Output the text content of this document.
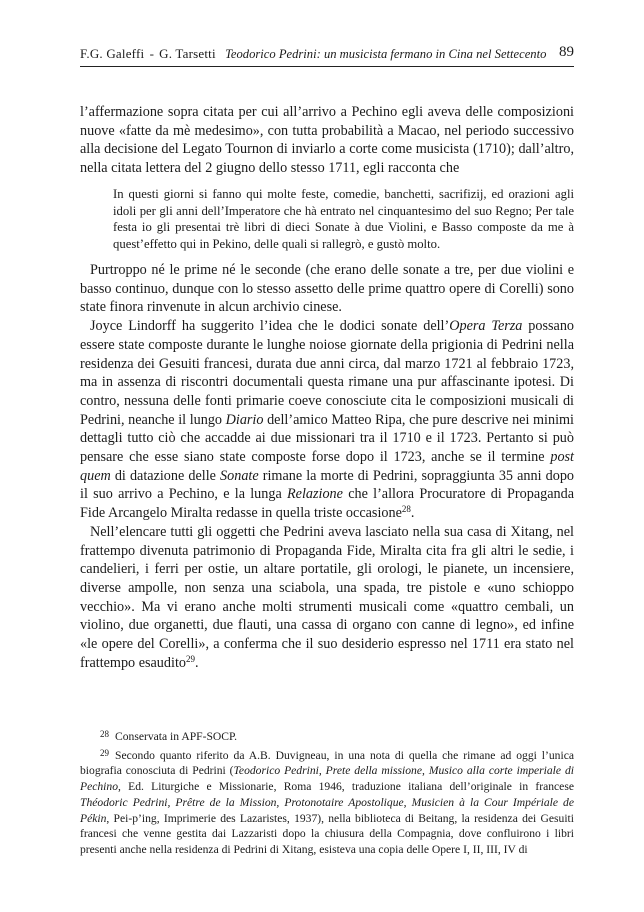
F.G. Galeffi - G. Tarsetti Teodorico Pedrini: un musicista fermano in Cina nel Settecento 89

l’affermazione sopra citata per cui all’arrivo a Pechino egli aveva delle composizioni nuove «fatte da mè medesimo», con tutta probabilità a Macao, nel periodo successivo alla decisione del Legato Tournon di inviarlo a corte come musicista (1710); dall’altro, nella citata lettera del 2 giugno dello stesso 1711, egli racconta che

In questi giorni si fanno qui molte feste, comedie, banchetti, sacrifizij, ed orazioni agli idoli per gli anni dell’Imperatore che hà entrato nel cinquantesimo del suo Regno; Per tale festa io gli presentai trè libri di dieci Sonate à due Violini, e Basso composte da me à quest’effetto qui in Pekino, delle quali si rallegrò, e gustò molto.

Purtroppo né le prime né le seconde (che erano delle sonate a tre, per due violini e basso continuo, dunque con lo stesso assetto delle prime quattro opere di Corelli) sono state finora rinvenute in alcun archivio cinese.

Joyce Lindorff ha suggerito l’idea che le dodici sonate dell’Opera Terza possano essere state composte durante le lunghe noiose giornate della prigionia di Pedrini nella residenza dei Gesuiti francesi, durata due anni circa, dal marzo 1721 al febbraio 1723, ma in assenza di riscontri documentali questa rimane una pur affascinante ipotesi. Di contro, nessuna delle fonti primarie coeve conosciute cita le composizioni musicali di Pedrini, neanche il lungo Diario dell’amico Matteo Ripa, che pure descrive nei minimi dettagli tutto ciò che accadde ai due missionari tra il 1710 e il 1723. Pertanto si può pensare che esse siano state composte forse dopo il 1723, anche se il termine post quem di datazione delle Sonate rimane la morte di Pedrini, sopraggiunta 35 anni dopo il suo arrivo a Pechino, e la lunga Relazione che l’allora Procuratore di Propaganda Fide Arcangelo Miralta redasse in quella triste occasione$^{28}$.

Nell’elencare tutti gli oggetti che Pedrini aveva lasciato nella sua casa di Xitang, nel frattempo divenuta patrimonio di Propaganda Fide, Miralta cita fra gli altri le sedie, i candelieri, i ferri per ostie, un altare portatile, gli orologi, le pianete, un incensiere, diverse ampolle, non senza una sciabola, una spada, tre pistole e «uno schioppo vecchio». Ma vi erano anche molti strumenti musicali come «quattro cembali, un violino, due organetti, due flauti, una cassa di organo con canne di legno», ed infine «le opere del Corelli», a conferma che il suo desiderio espresso nel 1711 era stato nel frattempo esaudito$^{29}$.

28 Conservata in APF-SOCP.

29 Secondo quanto riferito da A.B. Duvigneau, in una nota di quella che rimane ad oggi l’unica biografia conosciuta di Pedrini (Teodorico Pedrini, Prete della missione, Musico alla corte imperiale di Pechino, Ed. Liturgiche e Missionarie, Roma 1946, traduzione italiana dell’originale in francese Théodoric Pedrini, Prêtre de la Mission, Protonotaire Apostolique, Musicien à la Cour Impériale de Pékin, Pei-p’ing, Imprimerie des Lazaristes, 1937), nella biblioteca di Beitang, la residenza dei Gesuiti francesi che venne gestita dai Lazzaristi dopo la chiusura della Compagnia, dove confluirono i libri presenti anche nella residenza di Pedrini di Xitang, esisteva una copia delle Opere I, II, III, IV di
